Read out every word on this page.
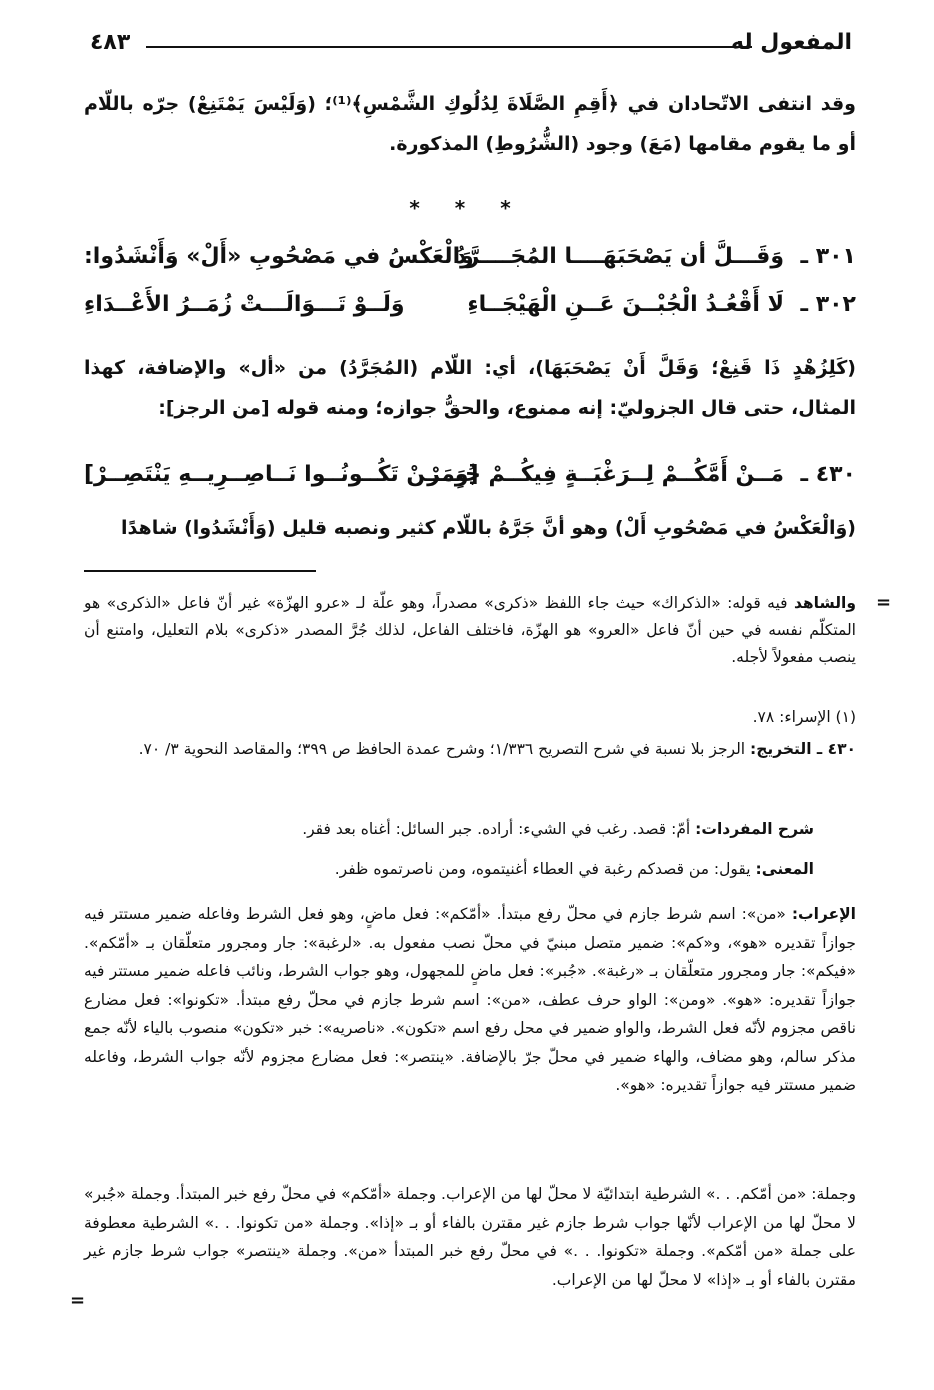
المفعول له
٤٨٣
وقد انتفى الاتّحادان في ﴿أَقِمِ الصَّلَاةَ لِدُلُوكِ الشَّمْسِ﴾⁽¹⁾؛ (وَلَيْسَ يَمْتَنِعْ) جرّه باللّام أو ما يقوم مقامها (مَعَ) وجود (الشُّرُوطِ) المذكورة.
* * *
٣٠١ ـ
وَقَـــلَّ أن يَصْحَبَهَــــا المُجَــــرَّدُ
وَالْعَكْسُ في مَصْحُوبِ «أَلْ» وَأَنْشَدُوا:
٣٠٢ ـ
لَا أَقْعُـدُ الْجُبْــنَ عَــنِ الْهَيْجَــاءِ
وَلَــوْ تَـــوَالَـــتْ زُمَــرُ الأَعْــدَاءِ
(كَلِزُهْدٍ ذَا قَنِعْ؛ وَقَلَّ أَنْ يَصْحَبَهَا)، أي: اللّام (المُجَرَّدُ) من «أل» والإضافة، كهذا المثال، حتى قال الجزوليّ: إنه ممنوع، والحقُّ جوازه؛ ومنه قوله [من الرجز]:
٤٣٠ ـ
مَــنْ أَمَّكُــمْ لِــرَغْبَــةٍ فِيكُــمْ جُبِــرْ
[وَمَــنْ تَكُــونُــوا نَــاصِــرِيــهِ يَنْتَصِــرْ]
(وَالْعَكْسُ في مَصْحُوبِ أَلْ) وهو أنَّ جَرَّهُ باللّام كثير ونصبه قليل (وَأَنْشَدُوا) شاهدًا
=
والشاهد فيه قوله: «الذكراك» حيث جاء اللفظ «ذكرى» مصدراً، وهو علّة لـ «عرو الهزّة» غير أنّ فاعل «الذكرى» هو المتكلّم نفسه في حين أنّ فاعل «العرو» هو الهزّة، فاختلف الفاعل، لذلك جُرَّ المصدر «ذكرى» بلام التعليل، وامتنع أن ينصب مفعولاً لأجله.
(١) الإسراء: ٧٨.
٤٣٠ ـ التخريج: الرجز بلا نسبة في شرح التصريح ١/٣٣٦؛ وشرح عمدة الحافظ ص ٣٩٩؛ والمقاصد النحوية ٣/ ٧٠.
شرح المفردات: أمّ: قصد. رغب في الشيء: أراده. جبر السائل: أغناه بعد فقر.
المعنى: يقول: من قصدكم رغبة في العطاء أغنيتموه، ومن ناصرتموه ظفر.
الإعراب: «من»: اسم شرط جازم في محلّ رفع مبتدأ. «أمّكم»: فعل ماضٍ، وهو فعل الشرط وفاعله ضمير مستتر فيه جوازاً تقديره «هو»، و«كم»: ضمير متصل مبنيّ في محلّ نصب مفعول به. «لرغبة»: جار ومجرور متعلّقان بـ «أمّكم». «فيكم»: جار ومجرور متعلّقان بـ «رغبة». «جُبر»: فعل ماضٍ للمجهول، وهو جواب الشرط، ونائب فاعله ضمير مستتر فيه جوازاً تقديره: «هو». «ومن»: الواو حرف عطف، «من»: اسم شرط جازم في محلّ رفع مبتدأ. «تكونوا»: فعل مضارع ناقص مجزوم لأنّه فعل الشرط، والواو ضمير في محل رفع اسم «تكون». «ناصريه»: خبر «تكون» منصوب بالياء لأنّه جمع مذكر سالم، وهو مضاف، والهاء ضمير في محلّ جرّ بالإضافة. «ينتصر»: فعل مضارع مجزوم لأنّه جواب الشرط، وفاعله ضمير مستتر فيه جوازاً تقديره: «هو».
وجملة: «من أمّكم. . .» الشرطية ابتدائيّة لا محلّ لها من الإعراب. وجملة «أمّكم» في محلّ رفع خبر المبتدأ. وجملة «جُبر» لا محلّ لها من الإعراب لأنّها جواب شرط جازم غير مقترن بالفاء أو بـ «إذا». وجملة «من تكونوا. . .» الشرطية معطوفة على جملة «من أمّكم». وجملة «تكونوا. . .» في محلّ رفع خبر المبتدأ «من». وجملة «ينتصر» جواب شرط جازم غير مقترن بالفاء أو بـ «إذا» لا محلّ لها من الإعراب.
=
